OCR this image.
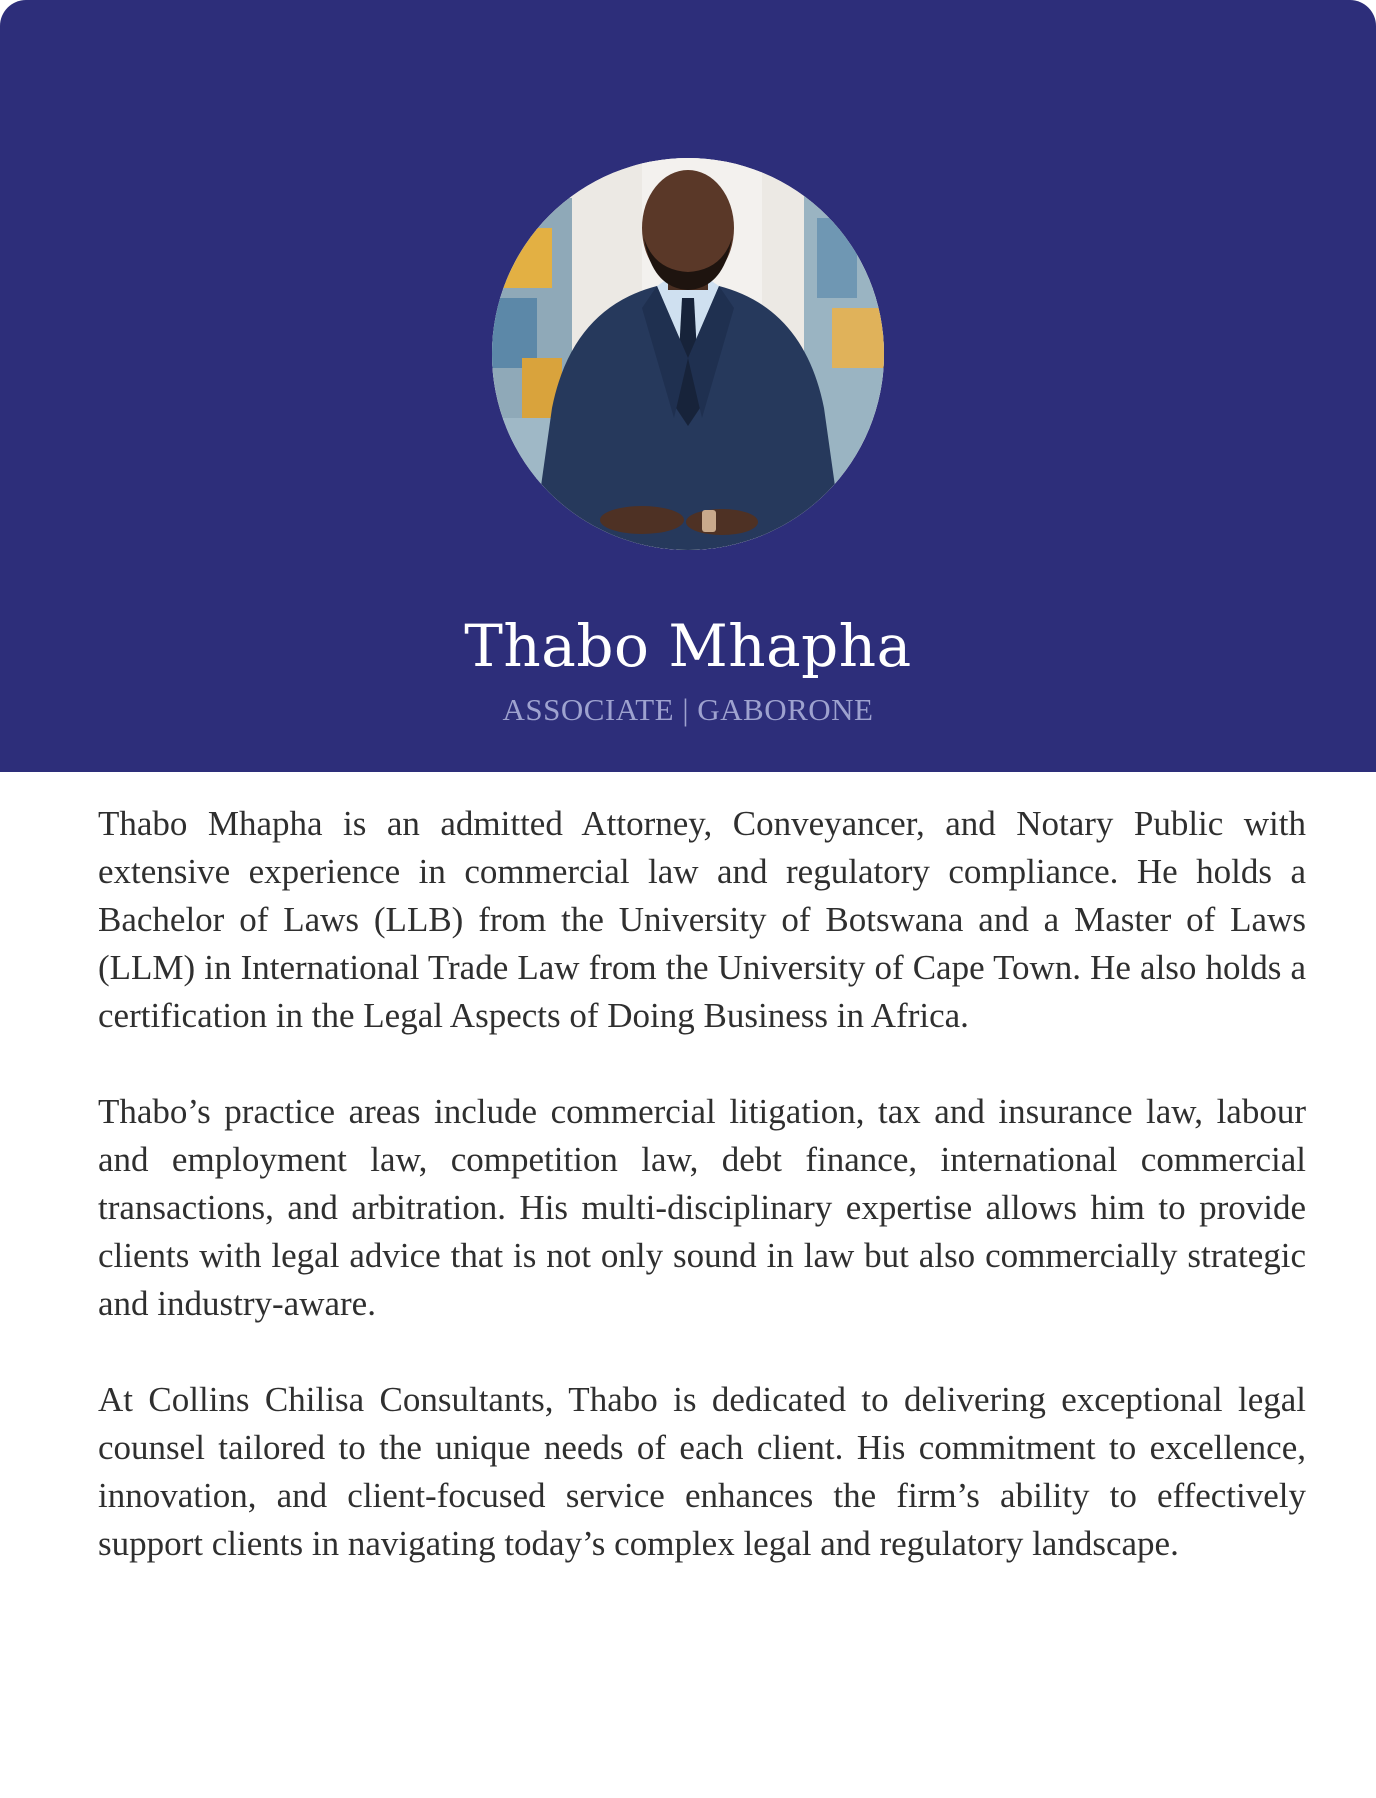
Thabo Mhapha
ASSOCIATE | GABORONE

Thabo Mhapha is an admitted Attorney, Conveyancer, and Notary Public with extensive experience in commercial law and regulatory compliance. He holds a Bachelor of Laws (LLB) from the University of Botswana and a Master of Laws (LLM) in International Trade Law from the University of Cape Town. He also holds a certification in the Legal Aspects of Doing Business in Africa.

Thabo’s practice areas include commercial litigation, tax and insurance law, labour and employment law, competition law, debt finance, international commercial transactions, and arbitration. His multi-disciplinary expertise allows him to provide clients with legal advice that is not only sound in law but also commercially strategic and industry-aware.

At Collins Chilisa Consultants, Thabo is dedicated to delivering exceptional legal counsel tailored to the unique needs of each client. His commitment to excellence, innovation, and client-focused service enhances the firm’s ability to effectively support clients in navigating today’s complex legal and regulatory landscape.
